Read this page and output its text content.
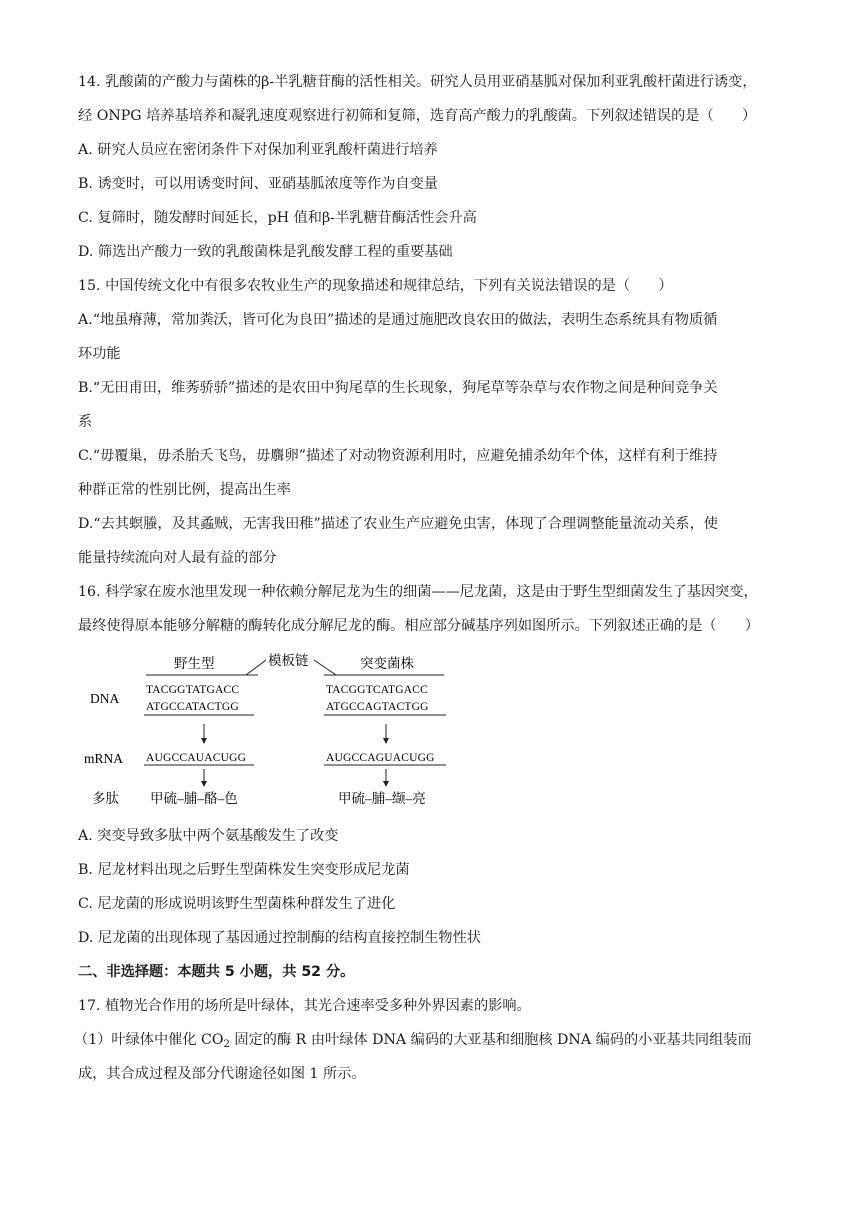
14. 乳酸菌的产酸力与菌株的β-半乳糖苷酶的活性相关。研究人员用亚硝基胍对保加利亚乳酸杆菌进行诱变，
经 ONPG 培养基培养和凝乳速度观察进行初筛和复筛，选育高产酸力的乳酸菌。下列叙述错误的是（　　）
A. 研究人员应在密闭条件下对保加利亚乳酸杆菌进行培养
B. 诱变时，可以用诱变时间、亚硝基胍浓度等作为自变量
C. 复筛时，随发酵时间延长，pH 值和β-半乳糖苷酶活性会升高
D. 筛选出产酸力一致的乳酸菌株是乳酸发酵工程的重要基础
15. 中国传统文化中有很多农牧业生产的现象描述和规律总结，下列有关说法错误的是（　　）
A.“地虽瘠薄，常加粪沃，皆可化为良田”描述的是通过施肥改良农田的做法，表明生态系统具有物质循
环功能
B.“无田甫田，维莠骄骄”描述的是农田中狗尾草的生长现象，狗尾草等杂草与农作物之间是种间竞争关
系
C.“毋覆巢，毋杀胎夭飞鸟，毋麛卵”描述了对动物资源利用时，应避免捕杀幼年个体，这样有利于维持
种群正常的性别比例，提高出生率
D.“去其螟螣，及其蟊贼，无害我田稚”描述了农业生产应避免虫害，体现了合理调整能量流动关系，使
能量持续流向对人最有益的部分
16. 科学家在废水池里发现一种依赖分解尼龙为生的细菌——尼龙菌，这是由于野生型细菌发生了基因突变，
最终使得原本能够分解糖的酶转化成分解尼龙的酶。相应部分碱基序列如图所示。下列叙述正确的是（　　）
野生型	模板链	突变菌株
DNA
mRNA
多肽
TACGGTATGACC
ATGCCATACTGG
AUGCCAUACUGG
甲硫–脯–酪–色
TACGGTCATGACC
ATGCCAGTACTGG
AUGCCAGUACUGG
甲硫–脯–缬–亮
A. 突变导致多肽中两个氨基酸发生了改变
B. 尼龙材料出现之后野生型菌株发生突变形成尼龙菌
C. 尼龙菌的形成说明该野生型菌株种群发生了进化
D. 尼龙菌的出现体现了基因通过控制酶的结构直接控制生物性状
二、非选择题：本题共 5 小题，共 52 分。
17. 植物光合作用的场所是叶绿体，其光合速率受多种外界因素的影响。
（1）叶绿体中催化 $CO_2$ 固定的酶 R 由叶绿体 DNA 编码的大亚基和细胞核 DNA 编码的小亚基共同组装而
成，其合成过程及部分代谢途径如图 1 所示。
